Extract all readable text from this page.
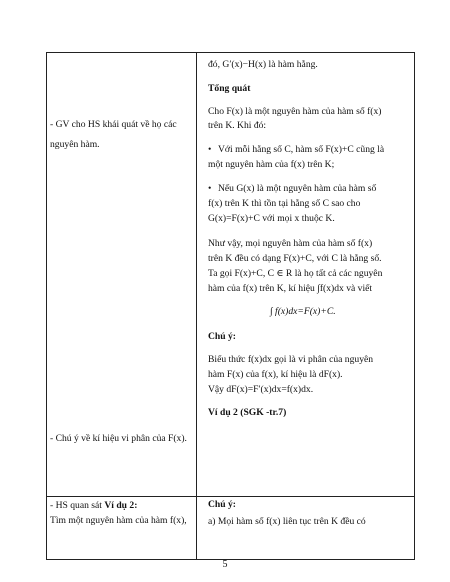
- GV cho HS khái quát về họ các
nguyên hàm.
- Chú ý về kí hiệu vi phân của F(x).
- HS quan sát Ví dụ 2:
Tìm một nguyên hàm của hàm f(x),
đó, G′(x)−H(x) là hàm hằng.
Tổng quát
Cho F(x) là một nguyên hàm của hàm số f(x)
trên K. Khi đó:
• Với mỗi hằng số C, hàm số F(x)+C cũng là
một nguyên hàm của f(x) trên K;
• Nếu G(x) là một nguyên hàm của hàm số
f(x) trên K thì tồn tại hằng số C sao cho
G(x)=F(x)+C với mọi x thuộc K.
Như vậy, mọi nguyên hàm của hàm số f(x)
trên K đều có dạng F(x)+C, với C là hằng số.
Ta gọi F(x)+C, C ∈ R là họ tất cả các nguyên
hàm của f(x) trên K, kí hiệu ∫f(x)dx và viết
∫ f(x)dx=F(x)+C.
Chú ý:
Biểu thức f(x)dx gọi là vi phân của nguyên
hàm F(x) của f(x), kí hiệu là dF(x).
Vậy dF(x)=F′(x)dx=f(x)dx.
Ví dụ 2 (SGK -tr.7)
Chú ý:
a) Mọi hàm số f(x) liên tục trên K đều có
5
